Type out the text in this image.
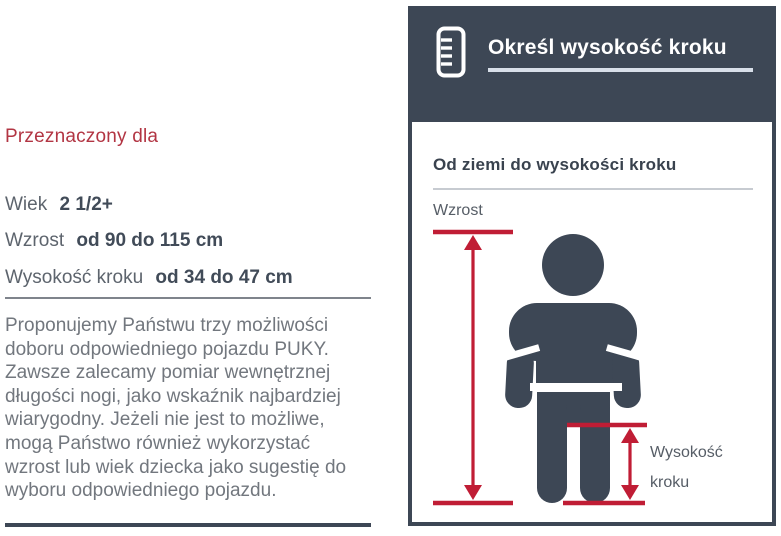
Przeznaczony dla
Wiek 2 1/2+
Wzrost od 90 do 115 cm
Wysokość kroku od 34 do 47 cm

Proponujemy Państwu trzy możliwości doboru odpowiedniego pojazdu PUKY. Zawsze zalecamy pomiar wewnętrznej długości nogi, jako wskaźnik najbardziej wiarygodny. Jeżeli nie jest to możliwe, mogą Państwo również wykorzystać wzrost lub wiek dziecka jako sugestię do wyboru odpowiedniego pojazdu.

Określ wysokość kroku
Od ziemi do wysokości kroku
Wzrost
Wysokość
kroku
